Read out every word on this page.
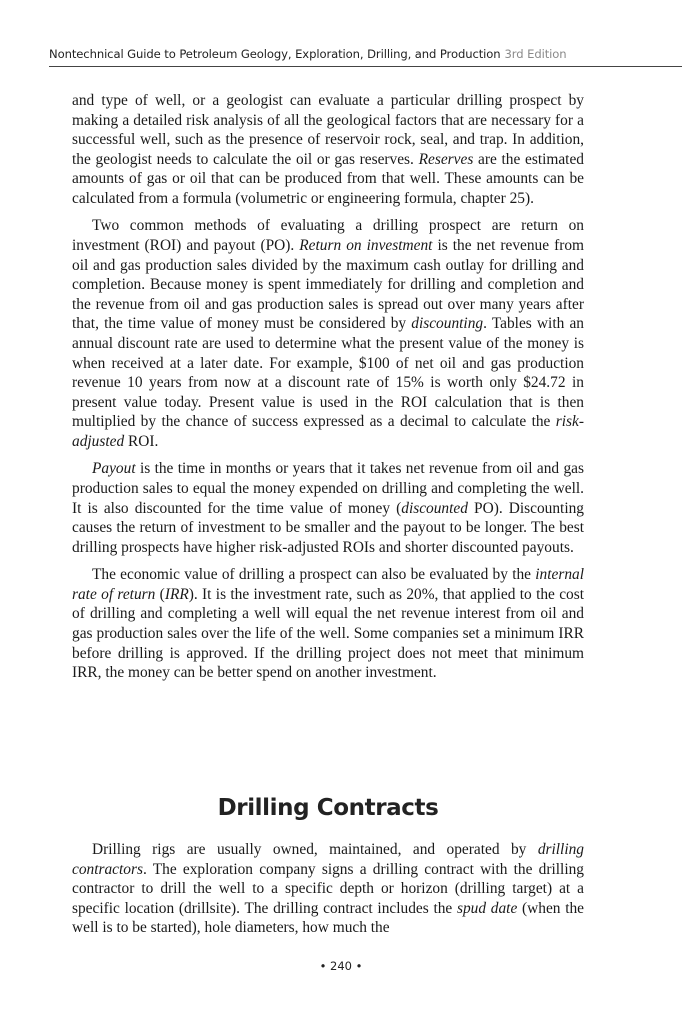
Nontechnical Guide to Petroleum Geology, Exploration, Drilling, and Production 3rd Edition

and type of well, or a geologist can evaluate a particular drilling prospect by making a detailed risk analysis of all the geological factors that are necessary for a successful well, such as the presence of reservoir rock, seal, and trap. In addition, the geologist needs to calculate the oil or gas reserves. Reserves are the estimated amounts of gas or oil that can be produced from that well. These amounts can be calculated from a formula (volumetric or engineering formula, chapter 25).

Two common methods of evaluating a drilling prospect are return on investment (ROI) and payout (PO). Return on investment is the net revenue from oil and gas production sales divided by the maximum cash outlay for drilling and completion. Because money is spent immediately for drilling and completion and the revenue from oil and gas production sales is spread out over many years after that, the time value of money must be considered by discounting. Tables with an annual discount rate are used to determine what the present value of the money is when received at a later date. For example, $100 of net oil and gas production revenue 10 years from now at a discount rate of 15% is worth only $24.72 in present value today. Present value is used in the ROI calculation that is then multiplied by the chance of success expressed as a decimal to calculate the risk-adjusted ROI.

Payout is the time in months or years that it takes net revenue from oil and gas production sales to equal the money expended on drilling and completing the well. It is also discounted for the time value of money (discounted PO). Discounting causes the return of investment to be smaller and the payout to be longer. The best drilling prospects have higher risk-adjusted ROIs and shorter discounted payouts.

The economic value of drilling a prospect can also be evaluated by the internal rate of return (IRR). It is the investment rate, such as 20%, that applied to the cost of drilling and completing a well will equal the net revenue interest from oil and gas production sales over the life of the well. Some companies set a minimum IRR before drilling is approved. If the drilling project does not meet that minimum IRR, the money can be better spend on another investment.

Drilling Contracts

Drilling rigs are usually owned, maintained, and operated by drilling contractors. The exploration company signs a drilling contract with the drilling contractor to drill the well to a specific depth or horizon (drilling target) at a specific location (drillsite). The drilling contract includes the spud date (when the well is to be started), hole diameters, how much the

• 240 •
